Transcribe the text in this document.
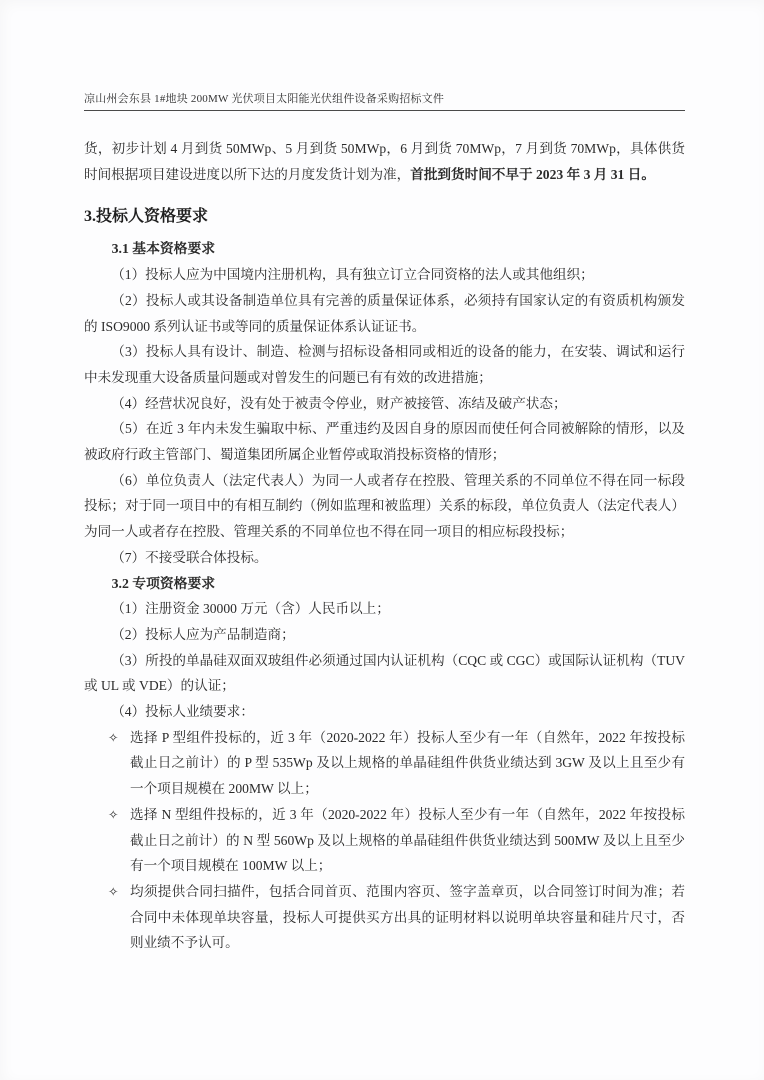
凉山州会东县 1#地块 200MW 光伏项目太阳能光伏组件设备采购招标文件

货，初步计划 4 月到货 50MWp、5 月到货 50MWp，6 月到货 70MWp，7 月到货 70MWp，具体供货时间根据项目建设进度以所下达的月度发货计划为准，首批到货时间不早于 2023 年 3 月 31 日。

3.投标人资格要求
3.1 基本资格要求

（1）投标人应为中国境内注册机构，具有独立订立合同资格的法人或其他组织；

（2）投标人或其设备制造单位具有完善的质量保证体系，必须持有国家认定的有资质机构颁发的 ISO9000 系列认证书或等同的质量保证体系认证证书。

（3）投标人具有设计、制造、检测与招标设备相同或相近的设备的能力，在安装、调试和运行中未发现重大设备质量问题或对曾发生的问题已有有效的改进措施；

（4）经营状况良好，没有处于被责令停业，财产被接管、冻结及破产状态；

（5）在近 3 年内未发生骗取中标、严重违约及因自身的原因而使任何合同被解除的情形，以及被政府行政主管部门、蜀道集团所属企业暂停或取消投标资格的情形；

（6）单位负责人（法定代表人）为同一人或者存在控股、管理关系的不同单位不得在同一标段投标；对于同一项目中的有相互制约（例如监理和被监理）关系的标段，单位负责人（法定代表人）为同一人或者存在控股、管理关系的不同单位也不得在同一项目的相应标段投标；

（7）不接受联合体投标。

3.2 专项资格要求

（1）注册资金 30000 万元（含）人民币以上；

（2）投标人应为产品制造商；

（3）所投的单晶硅双面双玻组件必须通过国内认证机构（CQC 或 CGC）或国际认证机构（TUV 或 UL 或 VDE）的认证；

（4）投标人业绩要求：

✧ 选择 P 型组件投标的，近 3 年（2020-2022 年）投标人至少有一年（自然年，2022 年按投标截止日之前计）的 P 型 535Wp 及以上规格的单晶硅组件供货业绩达到 3GW 及以上且至少有一个项目规模在 200MW 以上；
✧ 选择 N 型组件投标的，近 3 年（2020-2022 年）投标人至少有一年（自然年，2022 年按投标截止日之前计）的 N 型 560Wp 及以上规格的单晶硅组件供货业绩达到 500MW 及以上且至少有一个项目规模在 100MW 以上；
✧ 均须提供合同扫描件，包括合同首页、范围内容页、签字盖章页，以合同签订时间为准；若合同中未体现单块容量，投标人可提供买方出具的证明材料以说明单块容量和硅片尺寸，否则业绩不予认可。
